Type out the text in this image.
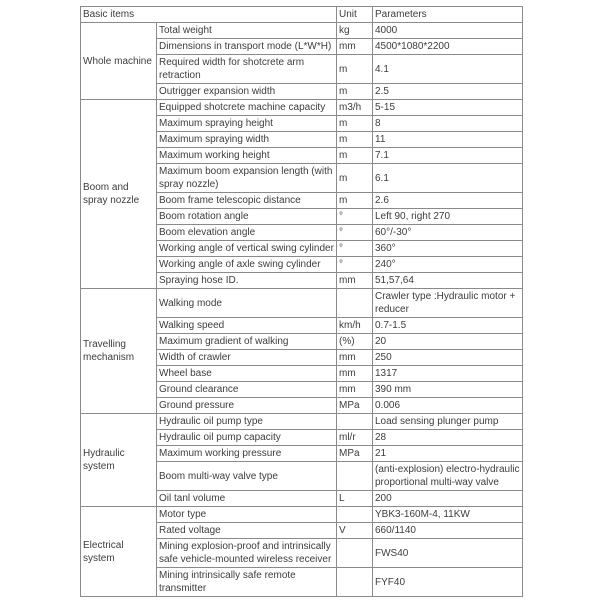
Basic items		Unit	Parameters
Whole machine	Total weight	kg	4000
	Dimensions in transport mode (L*W*H)	mm	4500*1080*2200
	Required width for shotcrete arm retraction	m	4.1
	Outrigger expansion width	m	2.5
Boom and spray nozzle	Equipped shotcrete machine capacity	m3/h	5-15
	Maximum spraying height	m	8
	Maximum spraying width	m	11
	Maximum working height	m	7.1
	Maximum boom expansion length (with spray nozzle)	m	6.1
	Boom frame telescopic distance	m	2.6
	Boom rotation angle	°	Left 90, right 270
	Boom elevation angle	°	60°/-30°
	Working angle of vertical swing cylinder	°	360°
	Working angle of axle swing cylinder	°	240°
	Spraying hose ID.	mm	51,57,64
Travelling mechanism	Walking mode		Crawler type :Hydraulic motor + reducer
	Walking speed	km/h	0.7-1.5
	Maximum gradient of walking	(%)	20
	Width of crawler	mm	250
	Wheel base	mm	1317
	Ground clearance	mm	390 mm
	Ground pressure	MPa	0.006
Hydraulic system	Hydraulic oil pump type		Load sensing plunger pump
	Hydraulic oil pump capacity	ml/r	28
	Maximum working pressure	MPa	21
	Boom multi-way valve type		(anti-explosion) electro-hydraulic proportional multi-way valve
	Oil tanl volume	L	200
Electrical system	Motor type		YBK3-160M-4, 11KW
	Rated voltage	V	660/1140
	Mining explosion-proof and intrinsically safe vehicle-mounted wireless receiver		FWS40
	Mining intrinsically safe remote transmitter		FYF40
